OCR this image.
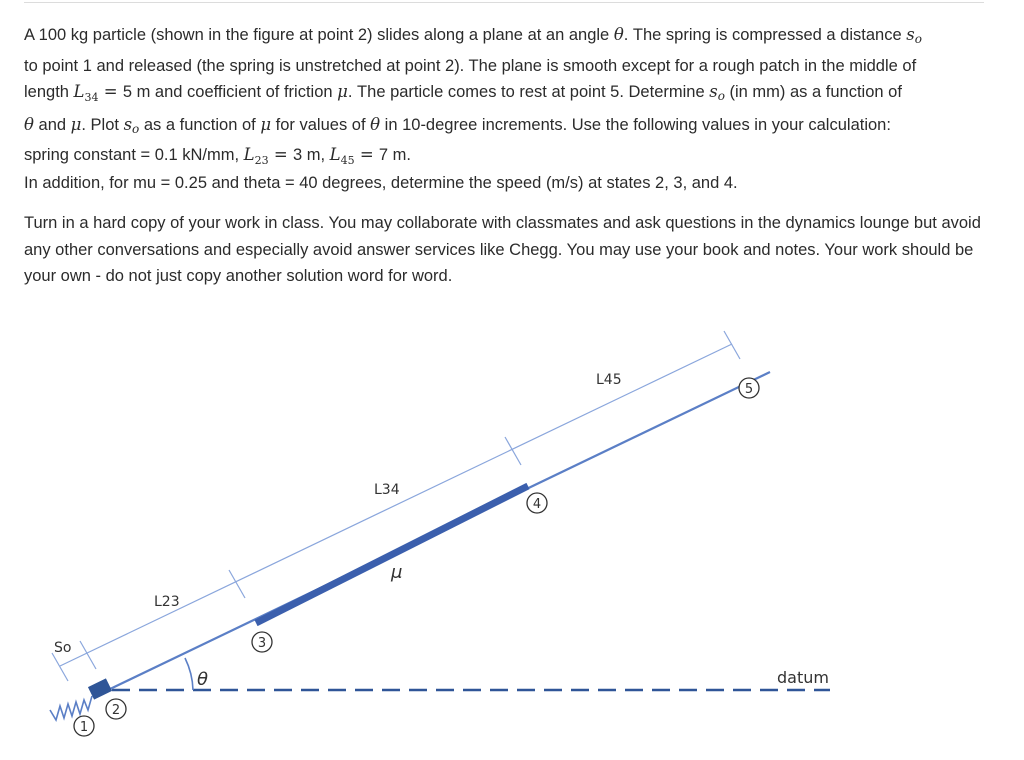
A 100 kg particle (shown in the figure at point 2) slides along a plane at an angle θ. The spring is compressed a distance so
to point 1 and released (the spring is unstretched at point 2). The plane is smooth except for a rough patch in the middle of
length $L_{34} = 5$ m and coefficient of friction μ. The particle comes to rest at point 5. Determine so (in mm) as a function of
θ and μ. Plot so as a function of μ for values of θ in 10-degree increments. Use the following values in your calculation:
spring constant = 0.1 kN/mm, $L_{23} = 3$ m, $L_{45} = 7$ m.
In addition, for mu = 0.25 and theta = 40 degrees, determine the speed (m/s) at states 2, 3, and 4.
Turn in a hard copy of your work in class. You may collaborate with classmates and ask questions in the dynamics lounge but avoid any other conversations and especially avoid answer services like Chegg. You may use your book and notes. Your work should be your own - do not just copy another solution word for word.
So
L23
L34
L45
μ
θ	datum
1
2
3
4
5
